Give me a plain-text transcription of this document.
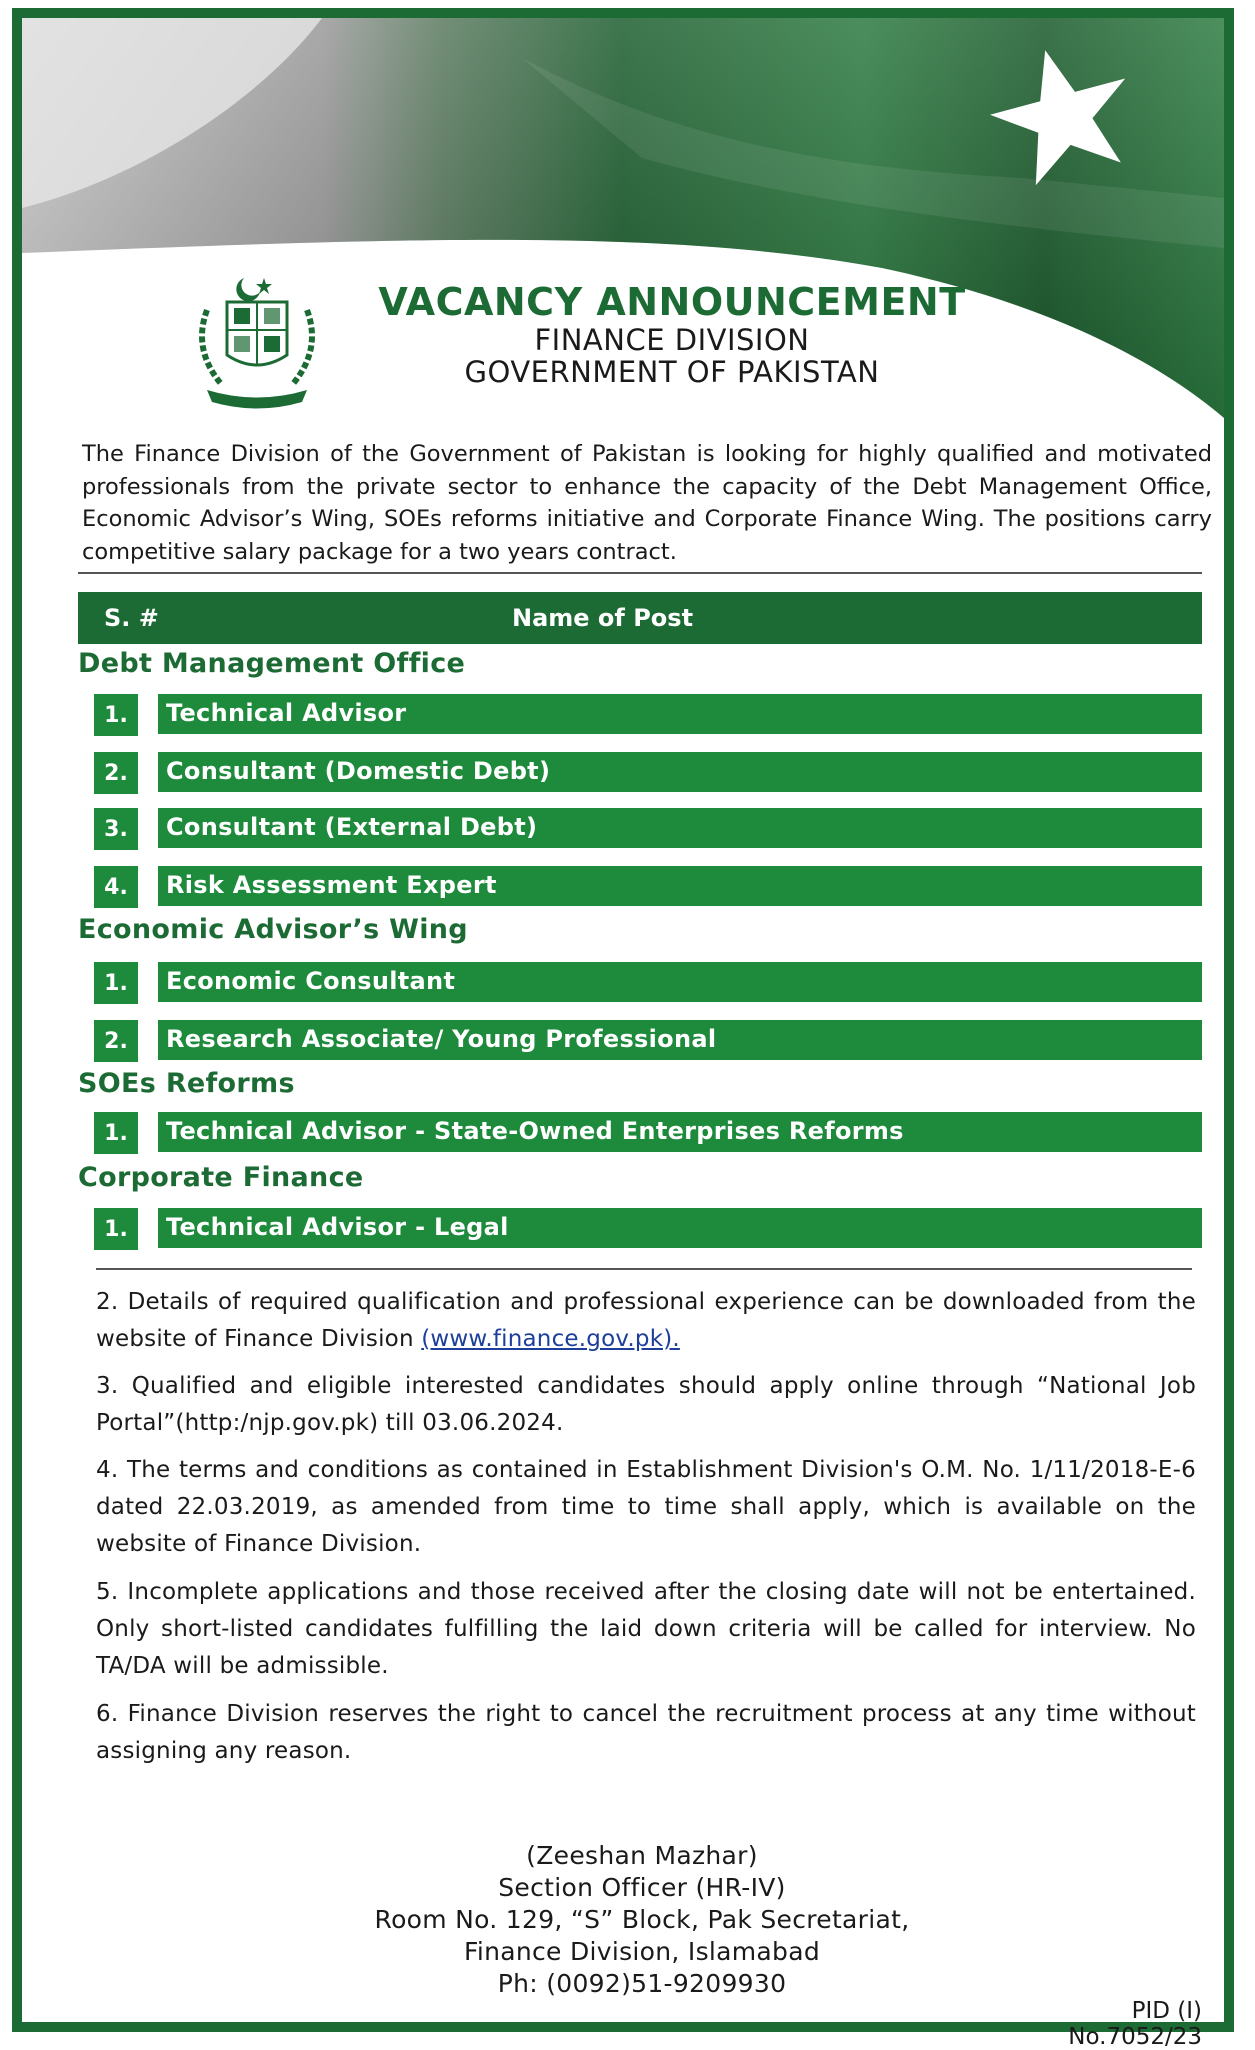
VACANCY ANNOUNCEMENT
FINANCE DIVISION
GOVERNMENT OF PAKISTAN
The Finance Division of the Government of Pakistan is looking for highly qualified and motivated professionals from the private sector to enhance the capacity of the Debt Management Office, Economic Advisor’s Wing, SOEs reforms initiative and Corporate Finance Wing. The positions carry competitive salary package for a two years contract.
S. #	Name of Post
Debt Management Office
1.	Technical Advisor
2.	Consultant (Domestic Debt)
3.	Consultant (External Debt)
4.	Risk Assessment Expert
Economic Advisor’s Wing
1.	Economic Consultant
2.	Research Associate/ Young Professional
SOEs Reforms
1.	Technical Advisor - State-Owned Enterprises Reforms
Corporate Finance
1.	Technical Advisor - Legal
2. Details of required qualification and professional experience can be downloaded from the website of Finance Division (www.finance.gov.pk).
3. Qualified and eligible interested candidates should apply online through “National Job Portal”(http:/njp.gov.pk) till 03.06.2024.
4. The terms and conditions as contained in Establishment Division's O.M. No. 1/11/2018-E-6 dated 22.03.2019, as amended from time to time shall apply, which is available on the website of Finance Division.
5. Incomplete applications and those received after the closing date will not be entertained. Only short-listed candidates fulfilling the laid down criteria will be called for interview. No TA/DA will be admissible.
6. Finance Division reserves the right to cancel the recruitment process at any time without assigning any reason.
(Zeeshan Mazhar)
Section Officer (HR-IV)
Room No. 129, “S” Block, Pak Secretariat,
Finance Division, Islamabad
Ph: (0092)51-9209930
PID (I) No.7052/23
